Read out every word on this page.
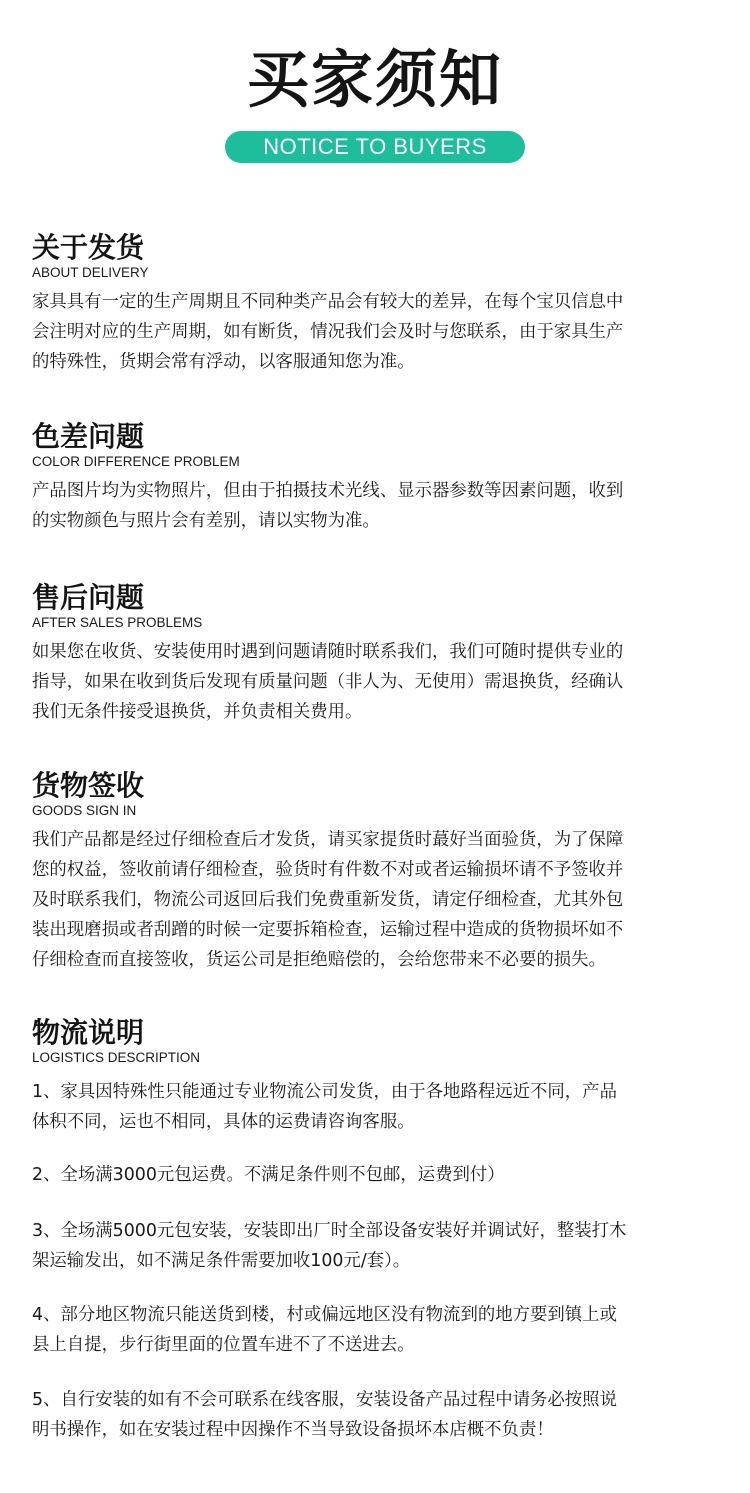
买家须知
NOTICE TO BUYERS
关于发货
ABOUT DELIVERY

家具具有一定的生产周期且不同种类产品会有较大的差异，在每个宝贝信息中

会注明对应的生产周期，如有断货，情况我们会及时与您联系，由于家具生产

的特殊性，货期会常有浮动，以客服通知您为准。

色差问题
COLOR DIFFERENCE PROBLEM

产品图片均为实物照片，但由于拍摄技术光线、显示器参数等因素问题，收到

的实物颜色与照片会有差别，请以实物为准。

售后问题
AFTER SALES PROBLEMS

如果您在收货、安装使用时遇到问题请随时联系我们，我们可随时提供专业的

指导，如果在收到货后发现有质量问题（非人为、无使用）需退换货，经确认

我们无条件接受退换货，并负责相关费用。

货物签收
GOODS SIGN IN

我们产品都是经过仔细检查后才发货，请买家提货时蕞好当面验货，为了保障

您的权益，签收前请仔细检查，验货时有件数不对或者运输损坏请不予签收并

及时联系我们，物流公司返回后我们免费重新发货，请定仔细检查，尤其外包

装出现磨损或者刮蹭的时候一定要拆箱检查，运输过程中造成的货物损坏如不

仔细检查而直接签收，货运公司是拒绝赔偿的，会给您带来不必要的损失。

物流说明
LOGISTICS DESCRIPTION

1、家具因特殊性只能通过专业物流公司发货，由于各地路程远近不同，产品

体积不同，运也不相同，具体的运费请咨询客服。

2、全场满3000元包运费。不满足条件则不包邮，运费到付）

3、全场满5000元包安装，安装即出厂时全部设备安装好并调试好，整装打木

架运输发出，如不满足条件需要加收100元/套）。

4、部分地区物流只能送货到楼，村或偏远地区没有物流到的地方要到镇上或

县上自提，步行街里面的位置车进不了不送进去。

5、自行安装的如有不会可联系在线客服，安装设备产品过程中请务必按照说

明书操作，如在安装过程中因操作不当导致设备损坏本店概不负责！
